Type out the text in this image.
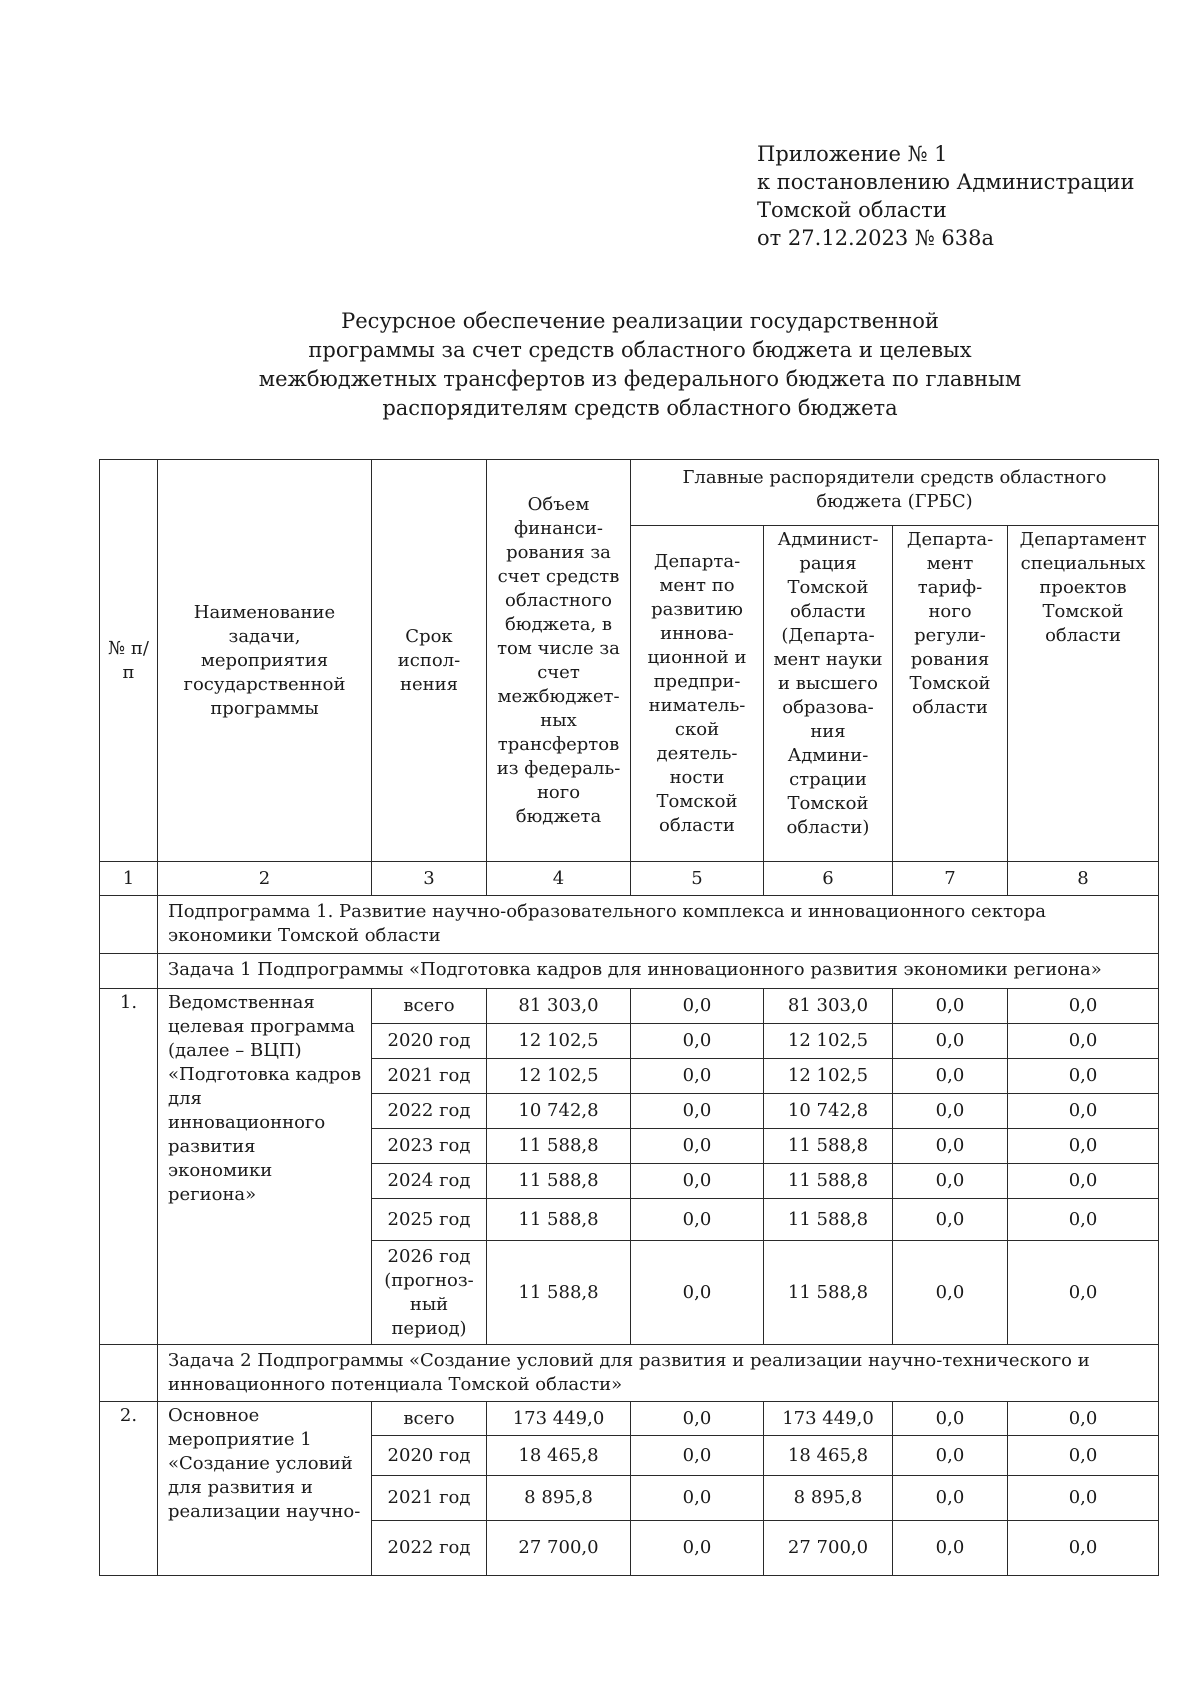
Приложение № 1
к постановлению Администрации
Томской области
от 27.12.2023 № 638а
Ресурсное обеспечение реализации государственной
программы за счет средств областного бюджета и целевых
межбюджетных трансфертов из федерального бюджета по главным
распорядителям средств областного бюджета
№ п/п	Наименование задачи, мероприятия государственной программы	Срок испол- нения	Объем финанси- рования за счет средств областного бюджета, в том числе за счет межбюджет- ных трансфертов из федераль- ного бюджета	Главные распорядители средств областного бюджета (ГРБС)			
				Департа- мент по развитию иннова- ционной и предпри- ниматель- ской деятель- ности Томской области	Админист- рация Томской области (Департа- мент науки и высшего образова- ния Админи- страции Томской области)	Департа- мент тариф- ного регули- рования Томской области	Департамент специальных проектов Томской области
1	2	3	4	5	6	7	8
	Подпрограмма 1. Развитие научно-образовательного комплекса и инновационного сектора экономики Томской области						
	Задача 1 Подпрограммы «Подготовка кадров для инновационного развития экономики региона»						
1.	Ведомственная целевая программа (далее – ВЦП) «Подготовка кадров для инновационного развития экономики региона»	всего	81 303,0	0,0	81 303,0	0,0	0,0
		2020 год	12 102,5	0,0	12 102,5	0,0	0,0
		2021 год	12 102,5	0,0	12 102,5	0,0	0,0
		2022 год	10 742,8	0,0	10 742,8	0,0	0,0
		2023 год	11 588,8	0,0	11 588,8	0,0	0,0
		2024 год	11 588,8	0,0	11 588,8	0,0	0,0
		2025 год	11 588,8	0,0	11 588,8	0,0	0,0
		2026 год (прогноз- ный период)	11 588,8	0,0	11 588,8	0,0	0,0
	Задача 2 Подпрограммы «Создание условий для развития и реализации научно-технического и инновационного потенциала Томской области»						
2.	Основное мероприятие 1 «Создание условий для развития и реализации научно-	всего	173 449,0	0,0	173 449,0	0,0	0,0
		2020 год	18 465,8	0,0	18 465,8	0,0	0,0
		2021 год	8 895,8	0,0	8 895,8	0,0	0,0
		2022 год	27 700,0	0,0	27 700,0	0,0	0,0
